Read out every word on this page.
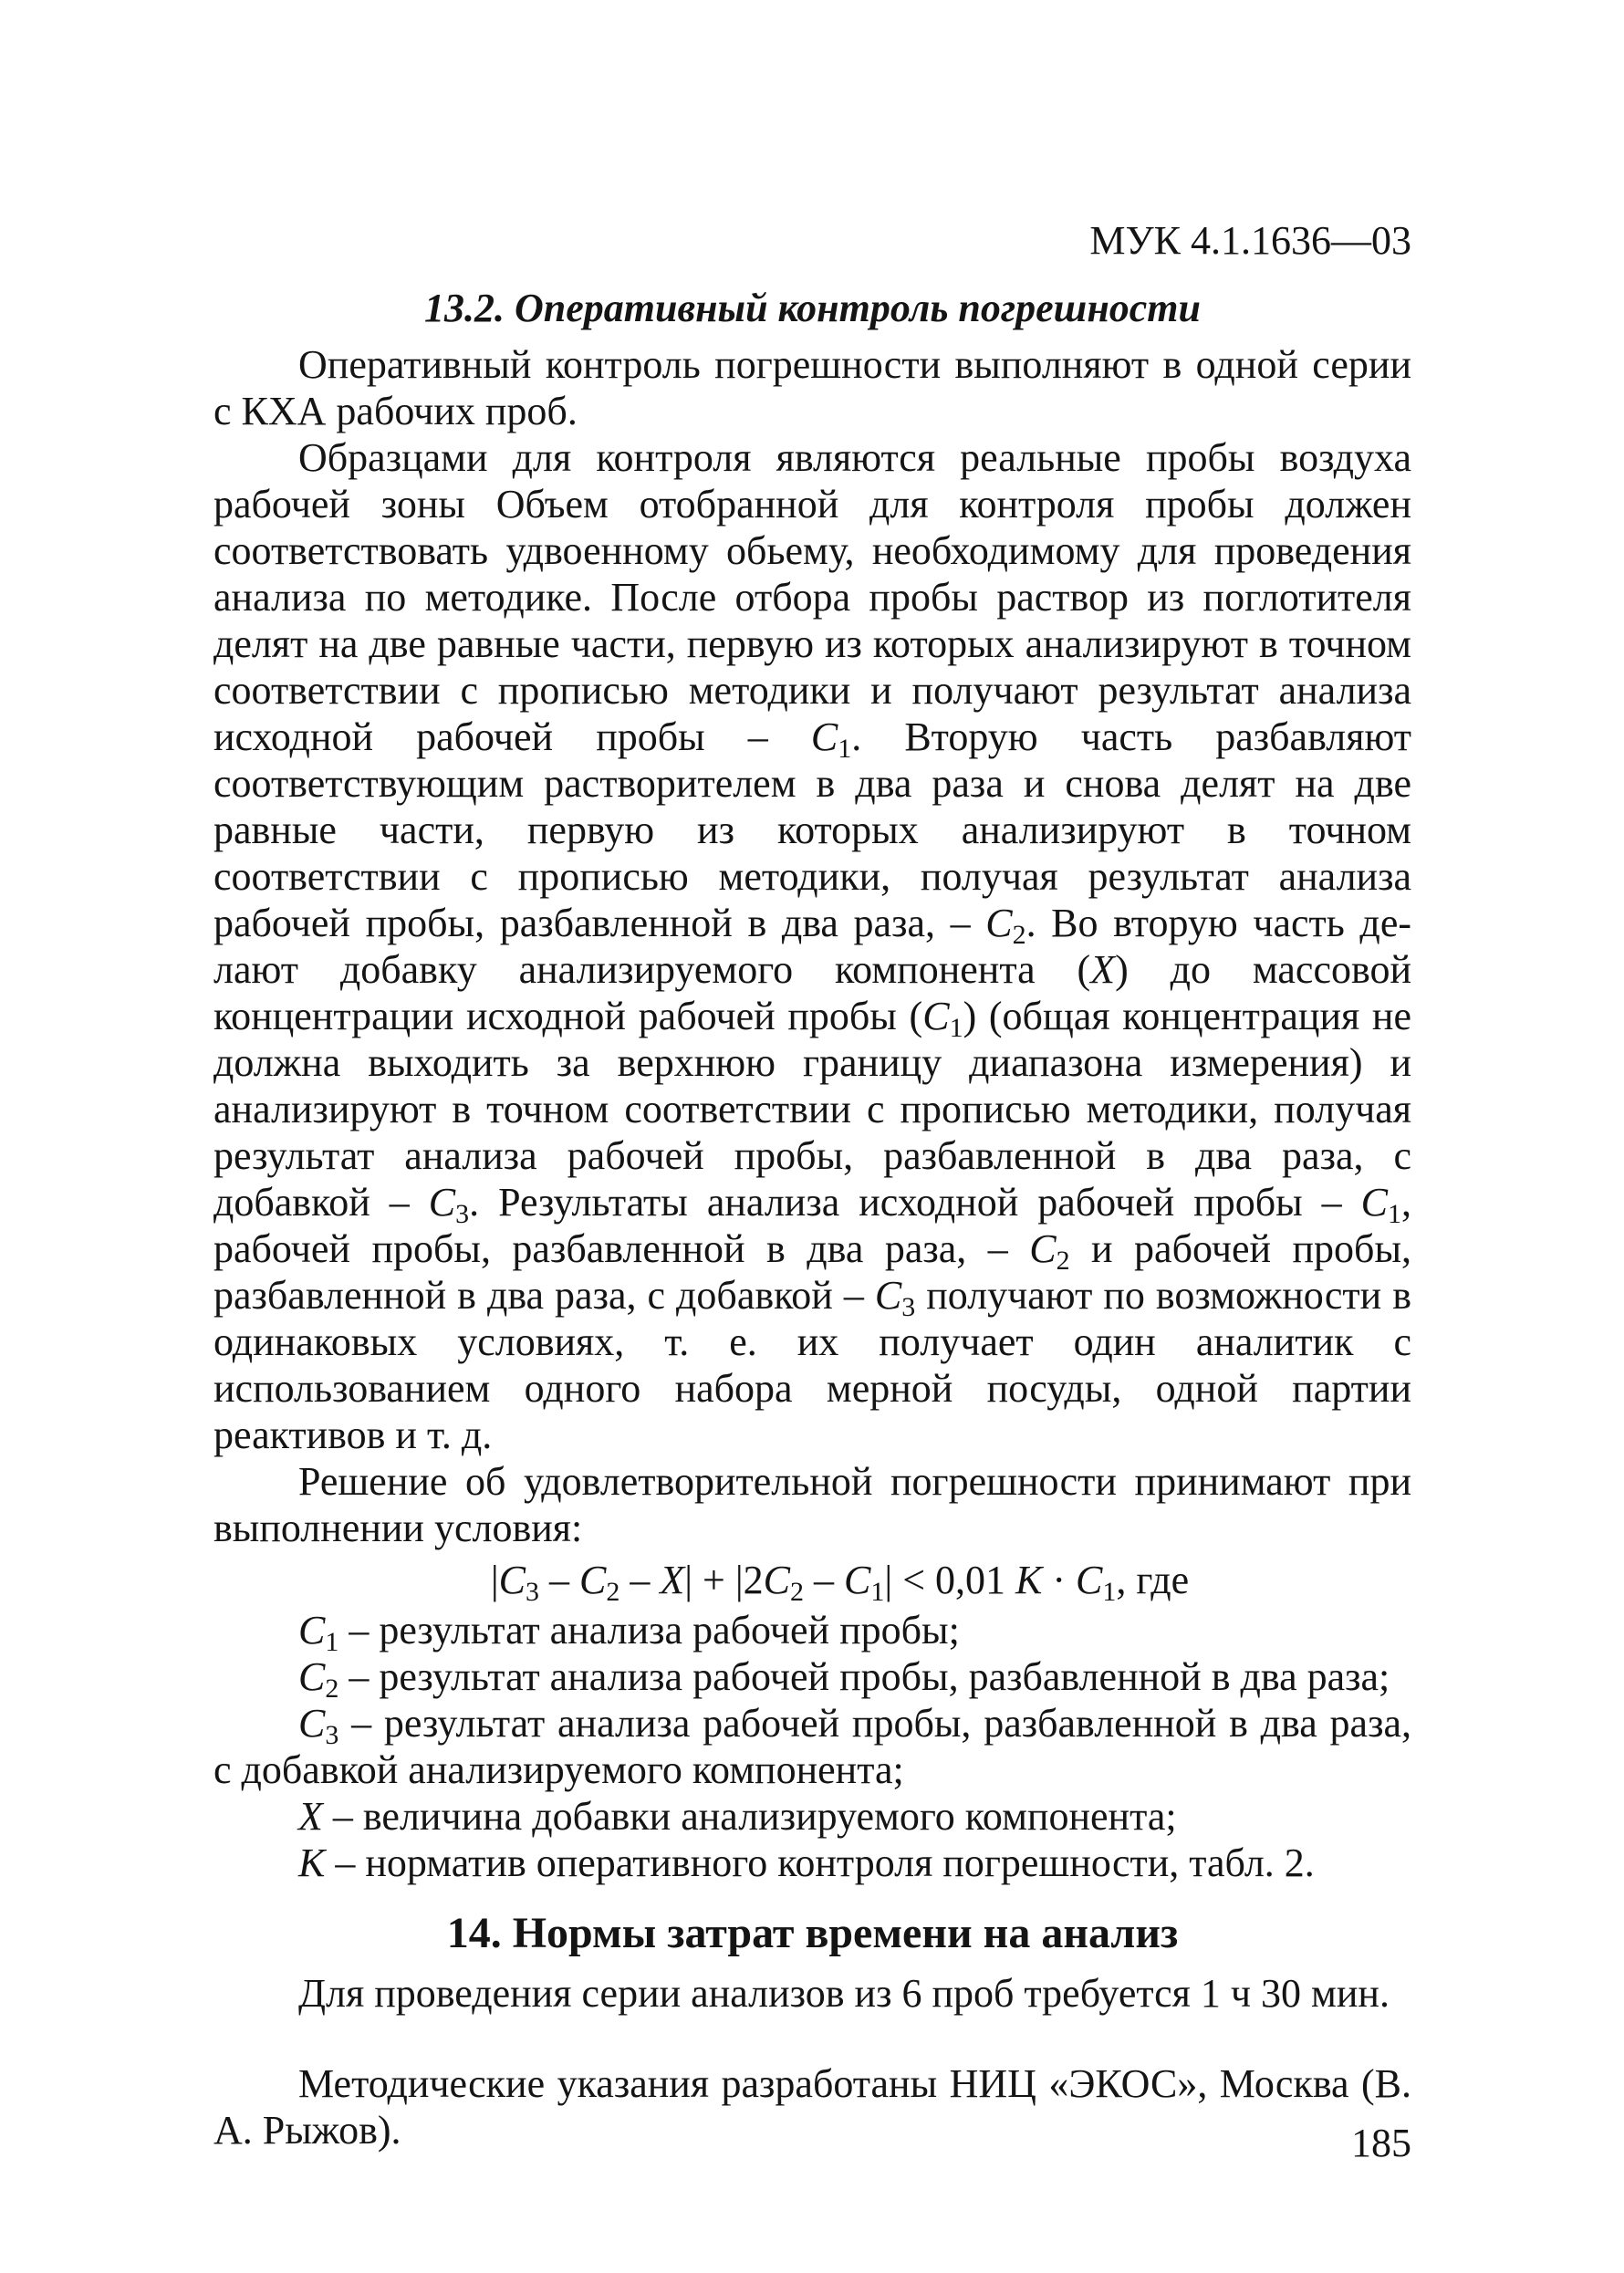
МУК 4.1.1636—03
13.2. Оперативный контроль погрешности

Оперативный контроль погрешности выполняют в одной серии с КХА рабочих проб.

Образцами для контроля являются реальные пробы воздуха рабочей зоны Объем отобранной для контроля пробы должен соответствовать удвоенному обьему, необходимому для проведения анализа по методике. После отбора пробы раствор из поглотителя делят на две равные части, первую из которых анализируют в точном соответствии с прописью методики и получают результат анализа исходной рабочей пробы – $C_1$. Вторую часть разбавляют соответствующим растворителем в два раза и снова делят на две равные части, первую из которых анализируют в точном соответствии с прописью методики, получая результат анализа рабочей пробы, разбавленной в два раза, – $C_2$. Во вторую часть делают добавку анализируемого компонента (X) до массовой концентрации исходной рабочей пробы $(C_1)$ (общая концентрация не должна выходить за верхнюю границу диапазона измерения) и анализируют в точном соответствии с прописью методики, получая результат анализа рабочей пробы, разбавленной в два раза, с добавкой – $C_3$. Результаты анализа исходной рабочей пробы – $C_1$, рабочей пробы, разбавленной в два раза, – $C_2$ и рабочей пробы, разбавленной в два раза, с добавкой – $C_3$ получают по возможности в одинаковых условиях, т. е. их получает один аналитик с использованием одного набора мерной посуды, одной партии реактивов и т. д.

Решение об удовлетворительной погрешности принимают при выполнении условия:

$|C_3 - C_2 - X| + |2C_2 - C_1| < 0,01$ $K \cdot C_1$, где

$C_1$ – результат анализа рабочей пробы;

$C_2$ – результат анализа рабочей пробы, разбавленной в два раза;

$C_3$ – результат анализа рабочей пробы, разбавленной в два раза, с добавкой анализируемого компонента;

X – величина добавки анализируемого компонента;

K – норматив оперативного контроля погрешности, табл. 2.

14. Нормы затрат времени на анализ

Для проведения серии анализов из 6 проб требуется 1 ч 30 мин.

Методические указания разработаны НИЦ «ЭКОС», Москва (В. А. Рыжов).	185
